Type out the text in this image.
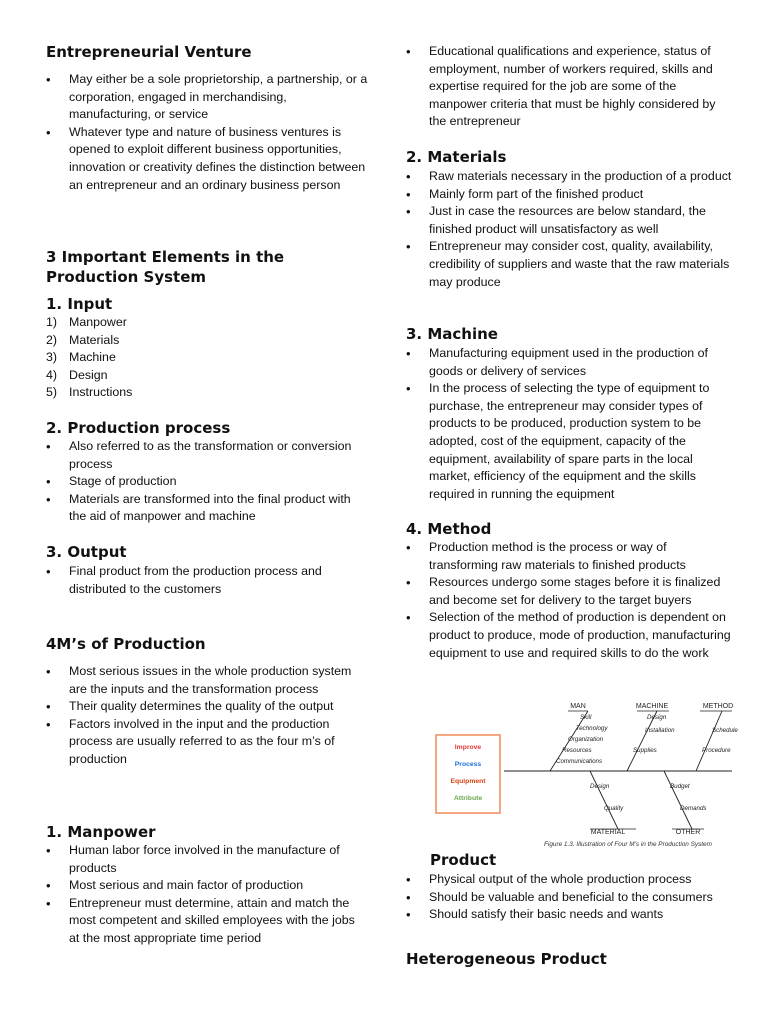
Entrepreneurial Venture
• May either be a sole proprietorship, a partnership, or a corporation, engaged in merchandising, manufacturing, or service
• Whatever type and nature of business ventures is opened to exploit different business opportunities, innovation or creativity defines the distinction between an entrepreneur and an ordinary business person
3 Important Elements in the Production System
1. Input
1) Manpower
2) Materials
3) Machine
4) Design
5) Instructions
2. Production process
• Also referred to as the transformation or conversion process
• Stage of production
• Materials are transformed into the final product with the aid of manpower and machine
3. Output
• Final product from the production process and distributed to the customers
4M’s of Production
• Most serious issues in the whole production system are the inputs and the transformation process
• Their quality determines the quality of the output
• Factors involved in the input and the production process are usually referred to as the four m’s of production
1. Manpower
• Human labor force involved in the manufacture of products
• Most serious and main factor of production
• Entrepreneur must determine, attain and match the most competent and skilled employees with the jobs at the most appropriate time period
• Educational qualifications and experience, status of employment, number of workers required, skills and expertise required for the job are some of the manpower criteria that must be highly considered by the entrepreneur
2. Materials
• Raw materials necessary in the production of a product
• Mainly form part of the finished product
• Just in case the resources are below standard, the finished product will unsatisfactory as well
• Entrepreneur may consider cost, quality, availability, credibility of suppliers and waste that the raw materials may produce
3. Machine
• Manufacturing equipment used in the production of goods or delivery of services
• In the process of selecting the type of equipment to purchase, the entrepreneur may consider types of products to be produced, production system to be adopted, cost of the equipment, capacity of the equipment, availability of spare parts in the local market, efficiency of the equipment and the skills required in running the equipment
4. Method
• Production method is the process or way of transforming raw materials to finished products
• Resources undergo some stages before it is finalized and become set for delivery to the target buyers
• Selection of the method of production is dependent on product to produce, mode of production, manufacturing equipment to use and required skills to do the work
Improve
Process
Equipment
Attribute
MAN	MACHINE	METHOD
Skill
Technology
Organization
Resources
Communications
Design
Installation
Supplies
Schedule
Procedure
MATERIAL	OTHER
Design
Quality
Budget
Demands
Figure 1.3. Illustration of Four M’s in the Production System
Product
• Physical output of the whole production process
• Should be valuable and beneficial to the consumers
• Should satisfy their basic needs and wants
Heterogeneous Product
